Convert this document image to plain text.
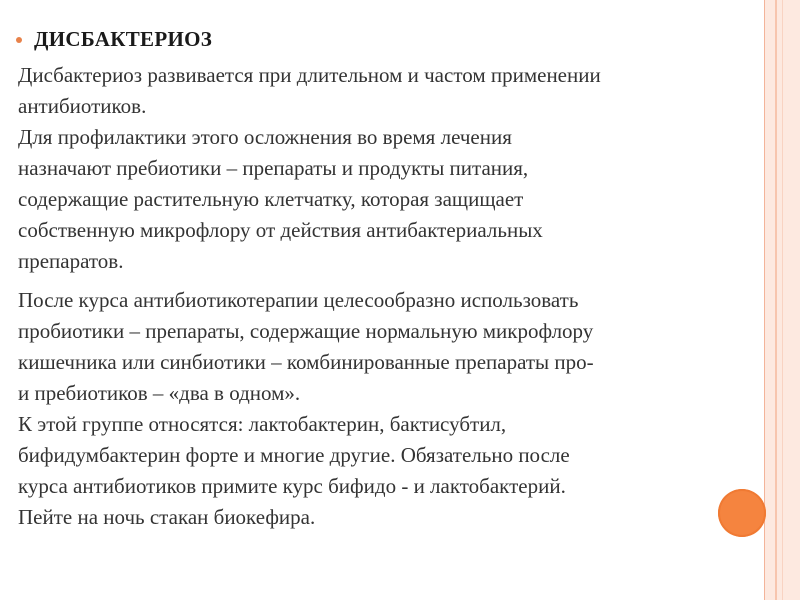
ДИСБАКТЕРИОЗ

Дисбактериоз развивается при длительном и частом применении
антибиотиков.
Для профилактики этого осложнения во время лечения
назначают пребиотики – препараты и продукты питания,
содержащие растительную клетчатку, которая защищает
собственную микрофлору от действия антибактериальных
препаратов.

После курса антибиотикотерапии целесообразно использовать
пробиотики – препараты, содержащие нормальную микрофлору
кишечника или синбиотики – комбинированные препараты про-
и пребиотиков – «два в одном».
К этой группе относятся: лактобактерин, бактисубтил,
бифидумбактерин форте и многие другие. Обязательно после
курса антибиотиков примите курс бифидо - и лактобактерий.
Пейте на ночь стакан биокефира.
